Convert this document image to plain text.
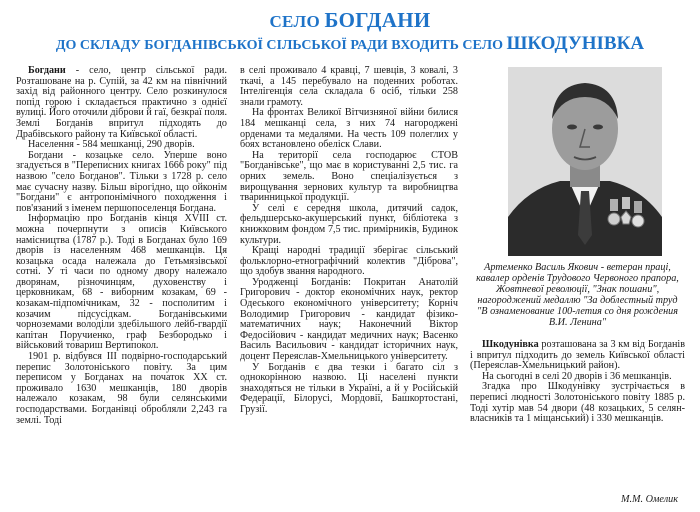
СЕЛО БОГДАНИ
ДО СКЛАДУ БОГДАНІВСЬКОЇ СІЛЬСЬКОЇ РАДИ ВХОДИТЬ СЕЛО ШКОДУНІВКА

Богдани - село, центр сільської ради. Розташоване на р. Супій, за 42 км на північний захід від районного центру. Село розкинулося попід горою і складається практично з однієї вулиці. Його оточили діброви й гаї, безкраї поля. Землі Богданів впритул підходять до Драбівського району та Київської області.

Населення - 584 мешканці, 290 дворів.

Богдани - козацьке село. Уперше воно згадується в "Переписних книгах 1666 року" під назвою "село Богданов". Тільки з 1728 р. село має сучасну назву. Більш вірогідно, що ойконім "Богдани" є антропонімічного походження і пов'язаний з іменем першопоселенця Богдана.

Інформацію про Богданів кінця XVIII ст. можна почерпнути з описів Київського намісництва (1787 р.). Тоді в Богданах було 169 дворів із населенням 468 мешканців. Ця козацька осада належала до Гетьмязівської сотні. У ті часи по одному двору належало дворянам, різночинцям, духовенству і церковникам, 68 - виборним козакам, 69 - козакам-підпомічникам, 32 - посполитим і козачим підсусідкам. Богданівськими чорноземами володіли здебільшого лейб-гвардії капітан Поручиенко, граф Безбородько і військовий товариш Вертипокол.

1901 р. відбувся ІІІ подвірно-господарський перепис Золотоніського повіту. За цим переписом у Богданах на початок XX ст. проживало 1630 мешканців, 180 дворів належало козакам, 98 були селянськими господарствами. Богданівці обробляли 2,243 га землі. Тоді

в селі проживало 4 кравці, 7 шевців, 3 ковалі, 3 ткачі, а 145 перебувало на поденних роботах. Інтелігенція села складала 6 осіб, тільки 258 знали грамоту.

На фронтах Великої Вітчизняної війни билися 184 мешканці села, з них 74 нагороджені орденами та медалями. На честь 109 полеглих у боях встановлено обеліск Слави.

На території села господарює СТОВ "Богданівське", що має в користуванні 2,5 тис. га орних земель. Воно спеціалізується з вирощування зернових культур та виробництва тваринницької продукції.

У селі є середня школа, дитячий садок, фельдшерсько-акушерський пункт, бібліотека з книжковим фондом 7,5 тис. примірників, Будинок культури.

Кращі народні традиції зберігає сільський фольклорно-етнографічний колектив "Діброва", що здобув звання народного.

Уродженці Богданів: Покритан Анатолій Григорович - доктор економічних наук, ректор Одеського економічного університету; Корніч Володимир Григорович - кандидат фізико-математичних наук; Наконечний Віктор Федосійович - кандидат медичних наук; Васенко Василь Васильович - кандидат історичних наук, доцент Переяслав-Хмельницького університету.

У Богданів є два тезки і багато сіл з однокорінною назвою. Ці населені пункти знаходяться не тільки в Україні, а й у Російській Федерації, Білорусі, Мордовії, Башкортостані, Грузії.

Артеменко Василь Якович - ветеран праці,
кавалер орденів Трудового Червоного прапора,
Жовтневої революції, "Знак пошани",
нагороджений медаллю "За доблестный труд
"В ознаменование 100-летия со дня рождения
В.И. Ленина"

Шкодунівка розташована за 3 км від Богданів і впритул підходить до земель Київської області (Переяслав-Хмельницький район).

На сьогодні в селі 20 дворів і 36 мешканців.

Згадка про Шкодунівку зустрічається в переписі людності Золотоніського повіту 1885 р. Тоді хутір мав 54 двори (48 козацьких, 5 селян-власників та 1 міщанський) і 330 мешканців.

М.М. Омелик
